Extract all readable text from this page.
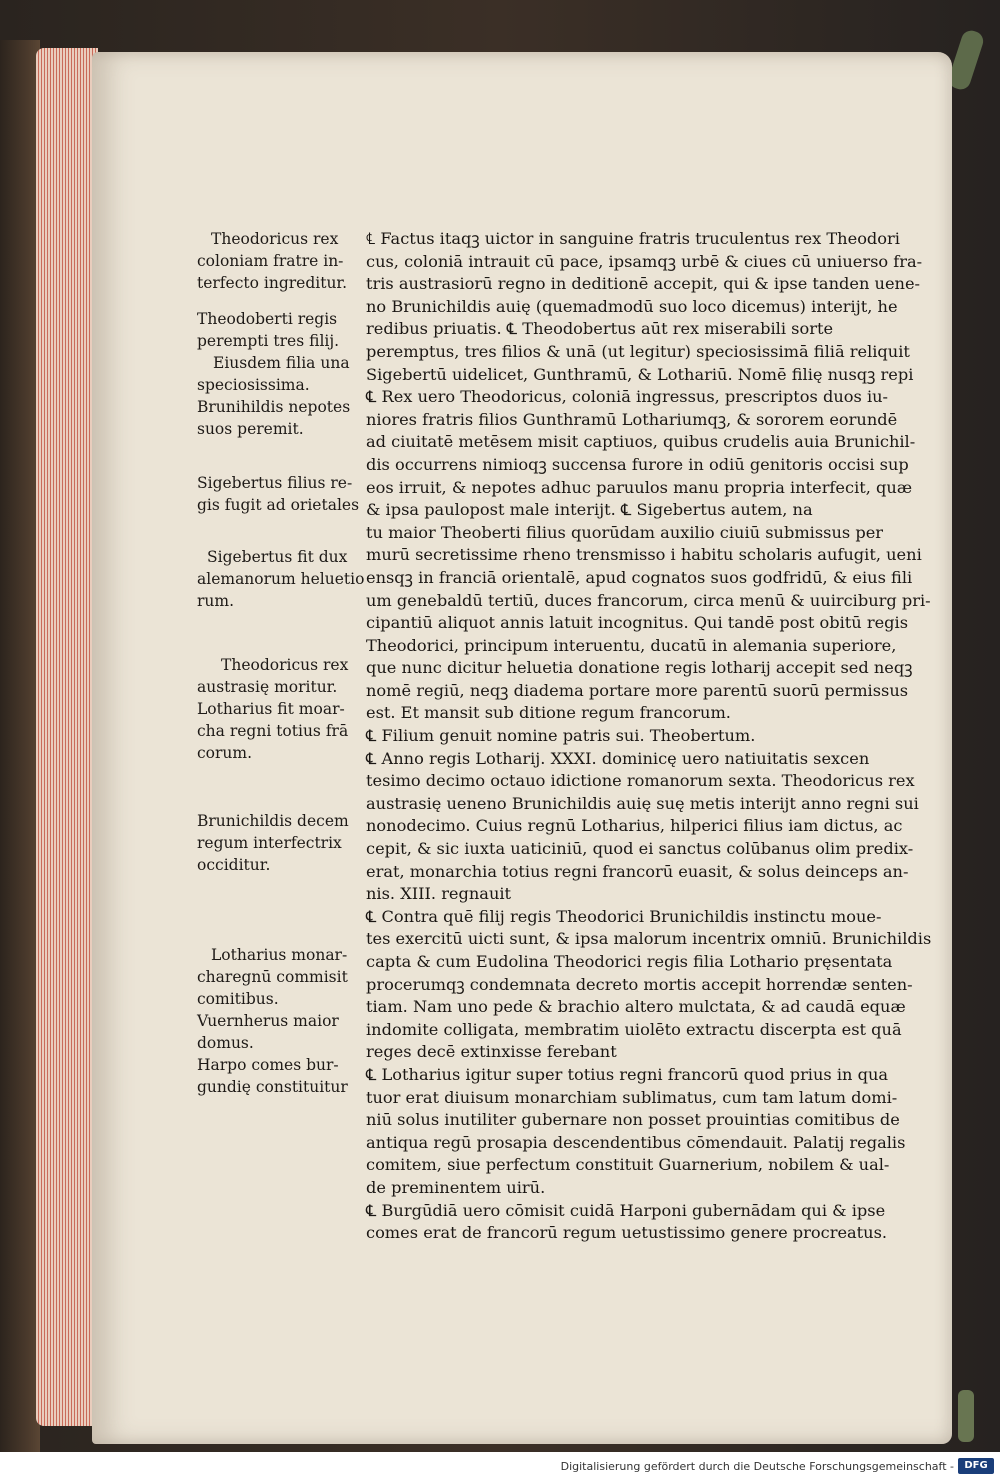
Theodoricus rex
coloniam fratre in-
terfecto ingreditur.
Theodoberti regis
perempti tres filij.
Eiusdem filia una
speciosissima.
Brunihildis nepotes
suos peremit.
Sigebertus filius re-
gis fugit ad orietales
Sigebertus fit dux
alemanorum heluetio
rum.
Theodoricus rex
austrasię moritur.
Lotharius fit moar-
cha regni totius frā
corum.
Brunichildis decem
regum interfectrix
occiditur.
Lotharius monar-
charegnū commisit
comitibus.
Vuernherus maior
domus.
Harpo comes bur-
gundię constituitur
℄ Factus itaqꝫ uictor in sanguine fratris truculentus rex Theodori
cus, coloniā intrauit cū pace, ipsamqꝫ urbē & ciues cū uniuerso fra-
tris austrasiorū regno in deditionē accepit, qui & ipse tanden uene-
no Brunichildis auię (quemadmodū suo loco dicemus) interijt, he
redibus priuatis. ℄ Theodobertus aūt rex miserabili sorte
peremptus, tres filios & unā (ut legitur) speciosissimā filiā reliquit
Sigebertū uidelicet, Gunthramū, & Lothariū. Nomē filię nusqꝫ repi
℄ Rex uero Theodoricus, coloniā ingressus, prescriptos duos iu-
niores fratris filios Gunthramū Lothariumqꝫ, & sororem eorundē
ad ciuitatē metēsem misit captiuos, quibus crudelis auia Brunichil-
dis occurrens nimioqꝫ succensa furore in odiū genitoris occisi sup
eos irruit, & nepotes adhuc paruulos manu propria interfecit, quæ
& ipsa paulopost male interijt. ℄ Sigebertus autem, na
tu maior Theoberti filius quorūdam auxilio ciuiū submissus per
murū secretissime rheno trensmisso i habitu scholaris aufugit, ueni
ensqꝫ in franciā orientalē, apud cognatos suos godfridū, & eius fili
um genebaldū tertiū, duces francorum, circa menū & uuirciburg pri-
cipantiū aliquot annis latuit incognitus. Qui tandē post obitū regis
Theodorici, principum interuentu, ducatū in alemania superiore,
que nunc dicitur heluetia donatione regis lotharij accepit sed neqꝫ
nomē regiū, neqꝫ diadema portare more parentū suorū permissus
est. Et mansit sub ditione regum francorum.
℄ Filium genuit nomine patris sui. Theobertum.
℄ Anno regis Lotharij. XXXI. dominicę uero natiuitatis sexcen
tesimo decimo octauo idictione romanorum sexta. Theodoricus rex
austrasię ueneno Brunichildis auię suę metis interijt anno regni sui
nonodecimo. Cuius regnū Lotharius, hilperici filius iam dictus, ac
cepit, & sic iuxta uaticiniū, quod ei sanctus colūbanus olim predix-
erat, monarchia totius regni francorū euasit, & solus deinceps an-
nis. XIII. regnauit
℄ Contra quē filij regis Theodorici Brunichildis instinctu moue-
tes exercitū uicti sunt, & ipsa malorum incentrix omniū. Brunichildis
capta & cum Eudolina Theodorici regis filia Lothario pręsentata
procerumqꝫ condemnata decreto mortis accepit horrendæ senten-
tiam. Nam uno pede & brachio altero mulctata, & ad caudā equæ
indomite colligata, membratim uiolēto extractu discerpta est quā
reges decē extinxisse ferebant
℄ Lotharius igitur super totius regni francorū quod prius in qua
tuor erat diuisum monarchiam sublimatus, cum tam latum domi-
niū solus inutiliter gubernare non posset prouintias comitibus de
antiqua regū prosapia descendentibus cōmendauit. Palatij regalis
comitem, siue perfectum constituit Guarnerium, nobilem & ual-
de preminentem uirū.
℄ Burgūdiā uero cōmisit cuidā Harponi gubernādam qui & ipse
comes erat de francorū regum uetustissimo genere procreatus.
Digitalisierung gefördert durch die Deutsche Forschungsgemeinschaft -	DFG
